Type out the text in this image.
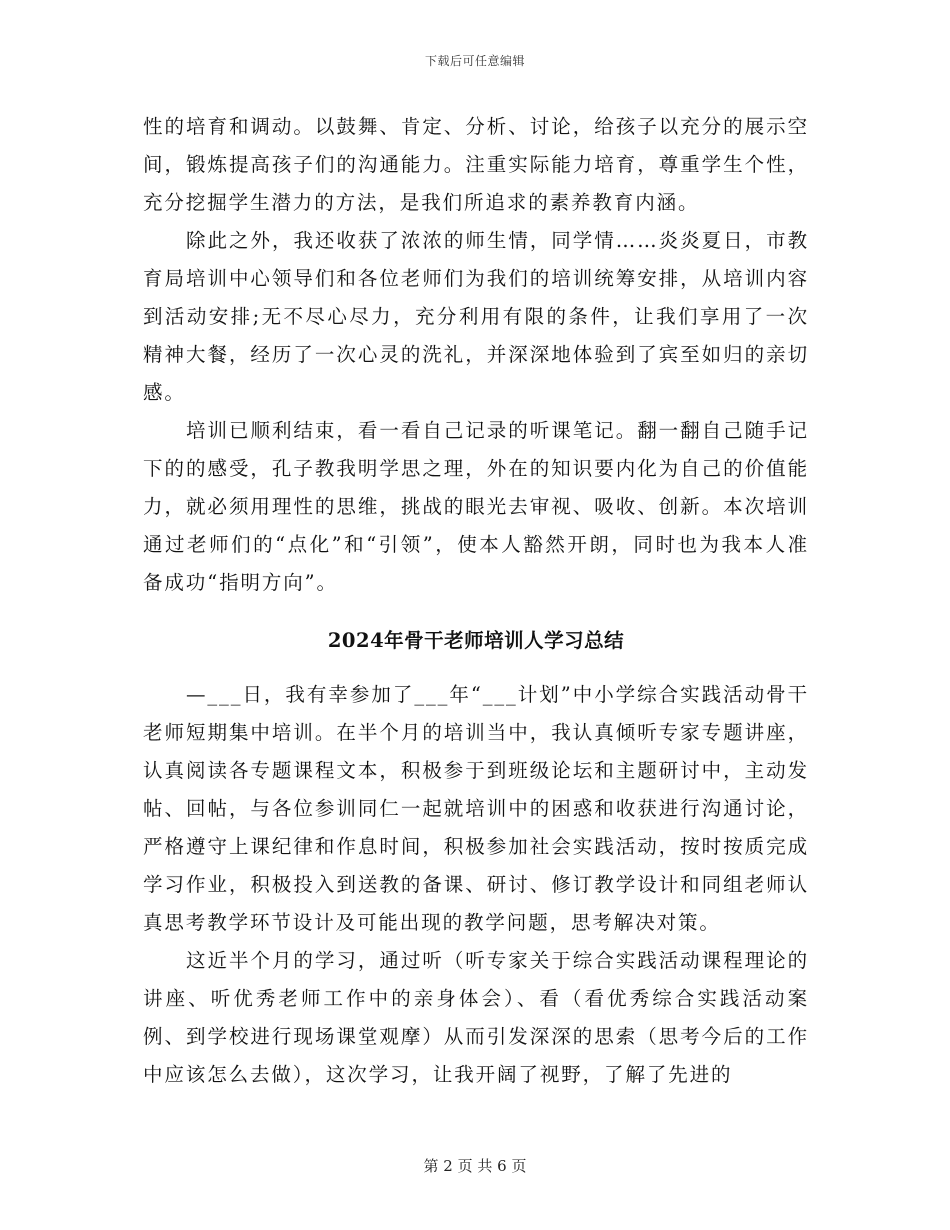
下载后可任意编辑

性的培育和调动。以鼓舞、肯定、分析、讨论，给孩子以充分的展示空间，锻炼提高孩子们的沟通能力。注重实际能力培育，尊重学生个性，充分挖掘学生潜力的方法，是我们所追求的素养教育内涵。

除此之外，我还收获了浓浓的师生情，同学情……炎炎夏日，市教育局培训中心领导们和各位老师们为我们的培训统筹安排，从培训内容到活动安排;无不尽心尽力，充分利用有限的条件，让我们享用了一次精神大餐，经历了一次心灵的洗礼，并深深地体验到了宾至如归的亲切感。

培训已顺利结束，看一看自己记录的听课笔记。翻一翻自己随手记下的的感受，孔子教我明学思之理，外在的知识要内化为自己的价值能力，就必须用理性的思维，挑战的眼光去审视、吸收、创新。本次培训通过老师们的“点化”和“引领”，使本人豁然开朗，同时也为我本人准备成功“指明方向”。

2024年骨干老师培训人学习总结

—___日，我有幸参加了___年“___计划”中小学综合实践活动骨干老师短期集中培训。在半个月的培训当中，我认真倾听专家专题讲座，认真阅读各专题课程文本，积极参于到班级论坛和主题研讨中，主动发帖、回帖，与各位参训同仁一起就培训中的困惑和收获进行沟通讨论，严格遵守上课纪律和作息时间，积极参加社会实践活动，按时按质完成学习作业，积极投入到送教的备课、研讨、修订教学设计和同组老师认真思考教学环节设计及可能出现的教学问题，思考解决对策。

这近半个月的学习，通过听（听专家关于综合实践活动课程理论的讲座、听优秀老师工作中的亲身体会）、看（看优秀综合实践活动案例、到学校进行现场课堂观摩）从而引发深深的思索（思考今后的工作中应该怎么去做），这次学习，让我开阔了视野，了解了先进的

第 2 页 共 6 页
